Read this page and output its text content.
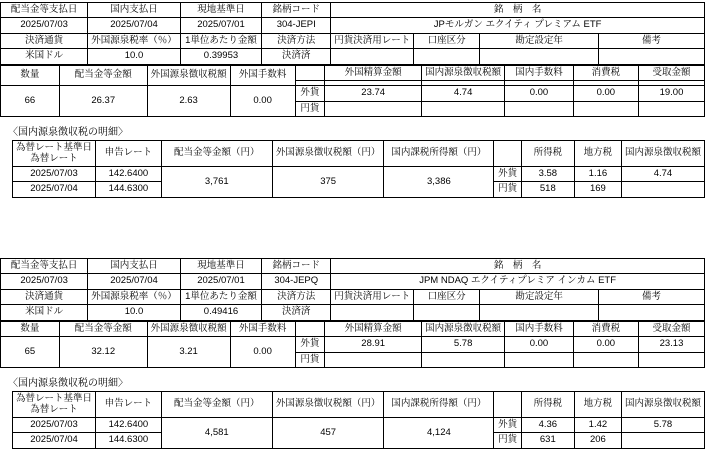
配当金等支払日	国内支払日	現地基準日	銘柄コード	銘　柄　名			
2025/07/03	2025/07/04	2025/07/01	304-JEPI	JPモルガン エクイティ プレミアム ETF			
決済通貨	外国源泉税率（％）	1単位あたり金額	決済方法	円貨決済用レート	口座区分	勘定設定年	備考
米国ドル	10.0	0.39953	決済済				
数量	配当金等金額	外国源泉徴収税額	外国手数料		外国精算金額	国内源泉徴収税額	国内手数料	消費税	受取金額

66	26.37	2.63	0.00	外貨	23.74	4.74	0.00	0.00	19.00
				円貨					
〈国内源泉徴収税の明細〉
為替レート基準日
為替レート	申告レート	配当金等金額（円）	外国源泉徴収税額（円）	国内課税所得額（円）		所得税	地方税	国内源泉徴収税額
2025/07/03	142.6400	3,761	375	3,386	外貨	3.58	1.16	4.74
2025/07/04	144.6300				円貨	518	169	
配当金等支払日	国内支払日	現地基準日	銘柄コード	銘　柄　名			
2025/07/03	2025/07/04	2025/07/01	304-JEPQ	JPM NDAQ エクイティプレミア インカム ETF			
決済通貨	外国源泉税率（％）	1単位あたり金額	決済方法	円貨決済用レート	口座区分	勘定設定年	備考
米国ドル	10.0	0.49416	決済済				
数量	配当金等金額	外国源泉徴収税額	外国手数料		外国精算金額	国内源泉徴収税額	国内手数料	消費税	受取金額
65	32.12	3.21	0.00	外貨	28.91	5.78	0.00	0.00	23.13
				円貨					
〈国内源泉徴収税の明細〉
為替レート基準日
為替レート	申告レート	配当金等金額（円）	外国源泉徴収税額（円）	国内課税所得額（円）		所得税	地方税	国内源泉徴収税額
2025/07/03	142.6400	4,581	457	4,124	外貨	4.36	1.42	5.78
2025/07/04	144.6300				円貨	631	206	
